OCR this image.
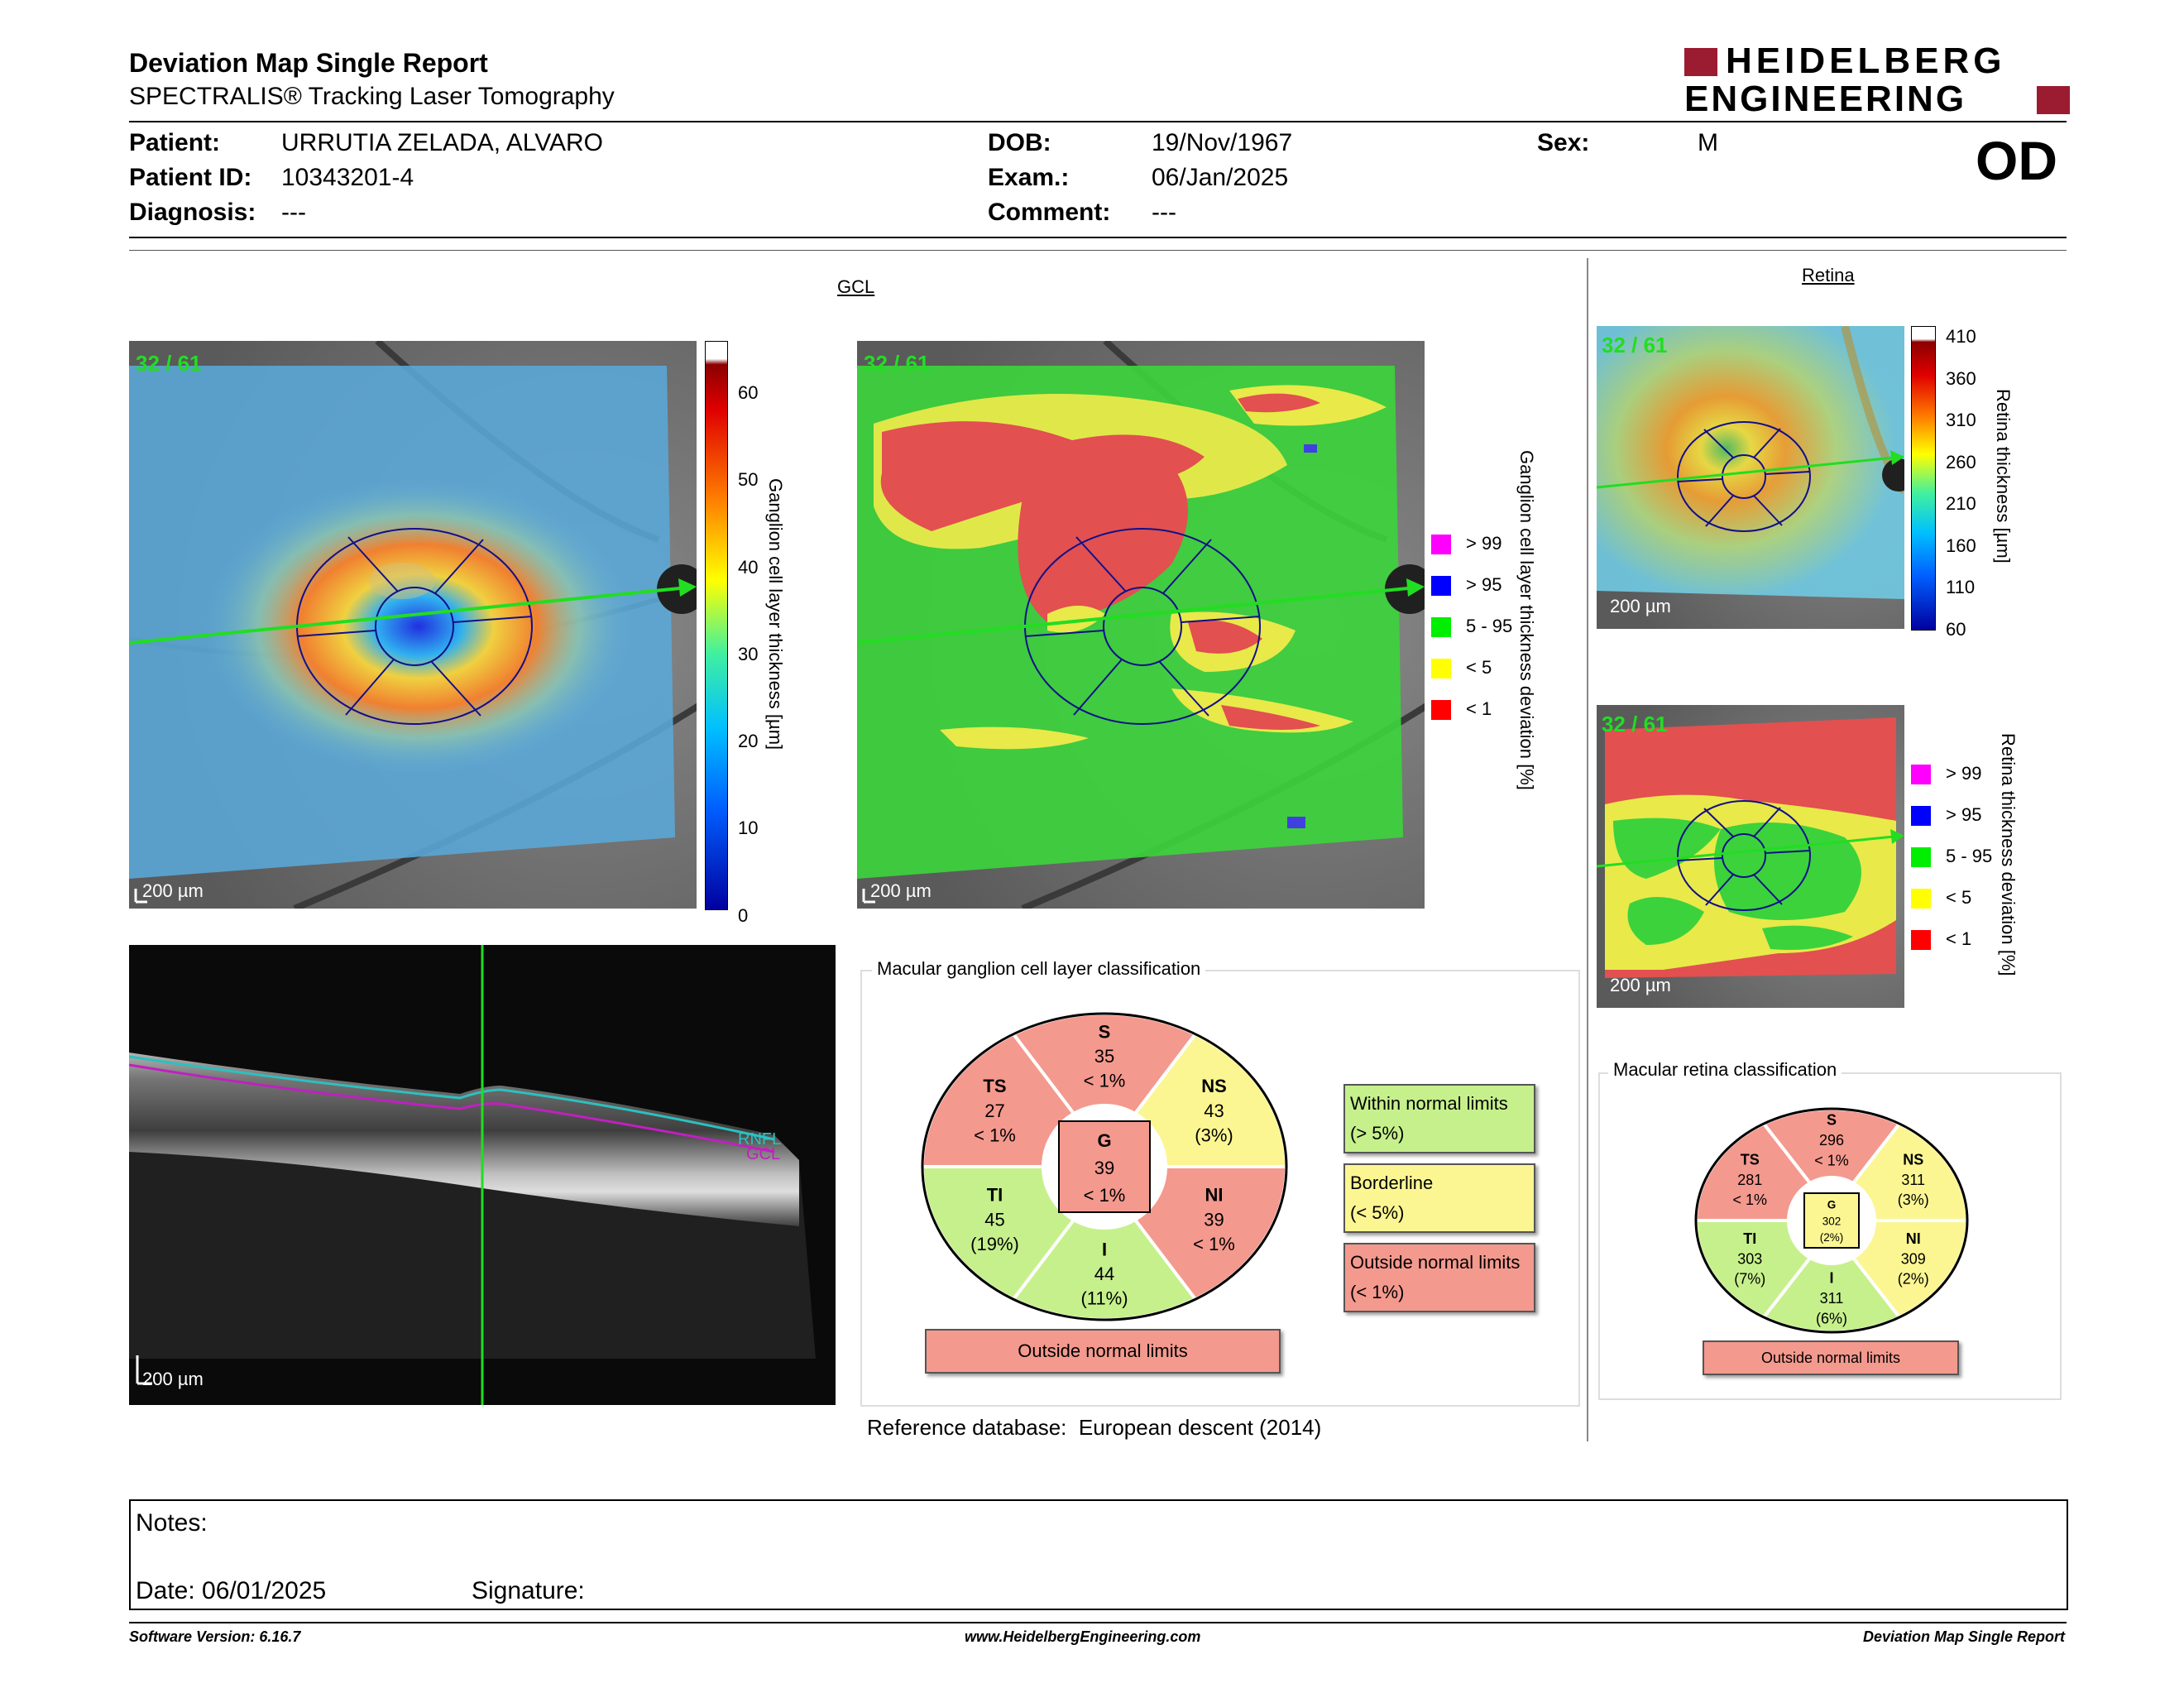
Deviation Map Single Report
SPECTRALIS® Tracking Laser Tomography
HEIDELBERG
ENGINEERING
Patient: URRUTIA ZELADA, ALVARO
Patient ID: 10343201-4
Diagnosis: ---
DOB:	19/Nov/1967
Exam.:	06/Jan/2025
Comment: ---
Sex:	M	OD
GCL
32 / 61
200 µm
60
50
40
30
20
10
0
Ganglion cell layer thickness [µm]
32 / 61
200 µm
> 99
> 95
5 - 95
< 5
< 1 Ganglion cell layer thickness deviation [%]
Retina
32 / 61
200 µm
410
360
310
260
210
160
110
60
Retina thickness [µm]
32 / 61
200 µm
> 99
> 95
5 - 95
< 5
< 1 Retina thickness deviation [%]
RNFL
GCL
200 µm
Macular ganglion cell layer classification
S
35
< 1%	NS
43
(3%)
NI
39
< 1%
I
44
(11%)
TI
45
(19%)
TS
27
< 1%	G
39
< 1%
Within normal limits
(> 5%)
Borderline
(< 5%)
Outside normal limits
(< 1%)
Outside normal limits
Reference database: European descent (2014)
Macular retina classification
S
296
< 1%	NS
311
(3%)
NI
309
(2%)
I
311
(6%)
TI
303
(7%)
TS
281
< 1%	G
302
(2%)
Outside normal limits
Notes:
Date: 06/01/2025	Signature:
Software Version: 6.16.7	www.HeidelbergEngineering.com	Deviation Map Single Report
